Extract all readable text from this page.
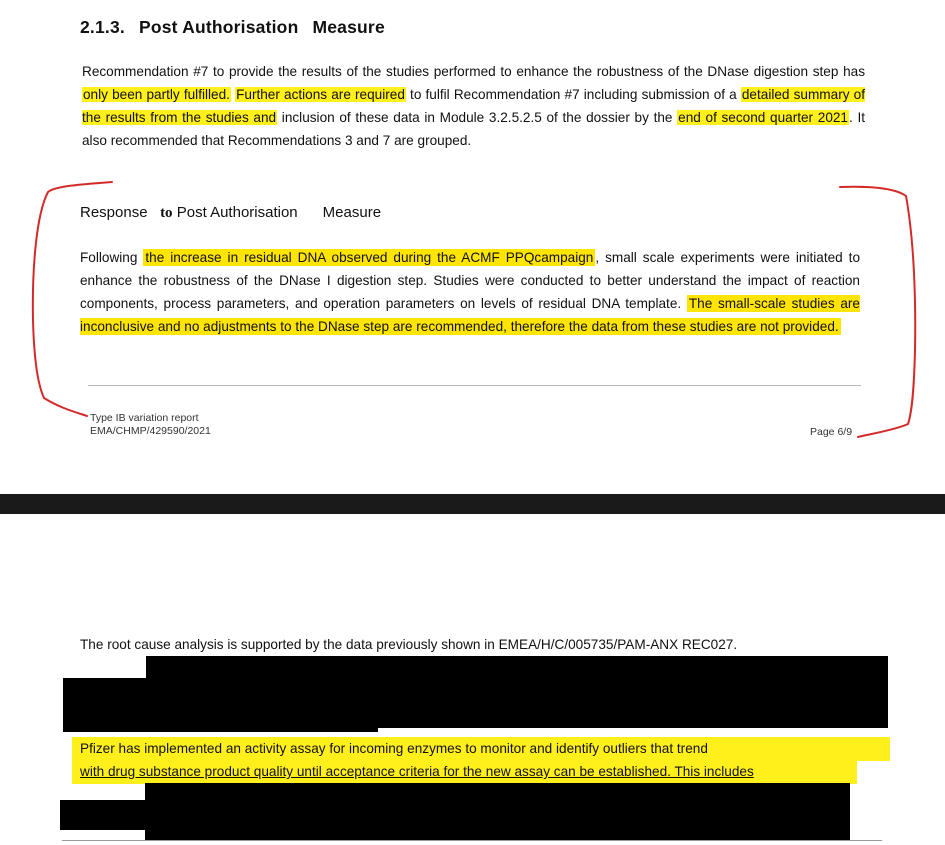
2.1.3. Post Authorisation Measure
Recommendation #7 to provide the results of the studies performed to enhance the robustness of the DNase digestion step has only been partly fulfilled. Further actions are required to fulfil Recommendation #7 including submission of a detailed summary of the results from the studies and inclusion of these data in Module 3.2.5.2.5 of the dossier by the end of second quarter 2021. It also recommended that Recommendations 3 and 7 are grouped.
Response to Post Authorisation Measure
Following the increase in residual DNA observed during the ACMF PPQcampaign , small scale experiments were initiated to enhance the robustness of the DNase I digestion step. Studies were conducted to better understand the impact of reaction components, process parameters, and operation parameters on levels of residual DNA template. The small-scale studies are inconclusive and no adjustments to the DNase step are recommended, therefore the data from these studies are not provided.
Type IB variation report
EMA/CHMP/429590/2021	Page 6/9
The root cause analysis is supported by the data previously shown in EMEA/H/C/005735/PAM-ANX REC027.
Pfizer has implemented an activity assay for incoming enzymes to monitor and identify outliers that trend
with drug substance product quality until acceptance criteria for the new assay can be established. This includes
